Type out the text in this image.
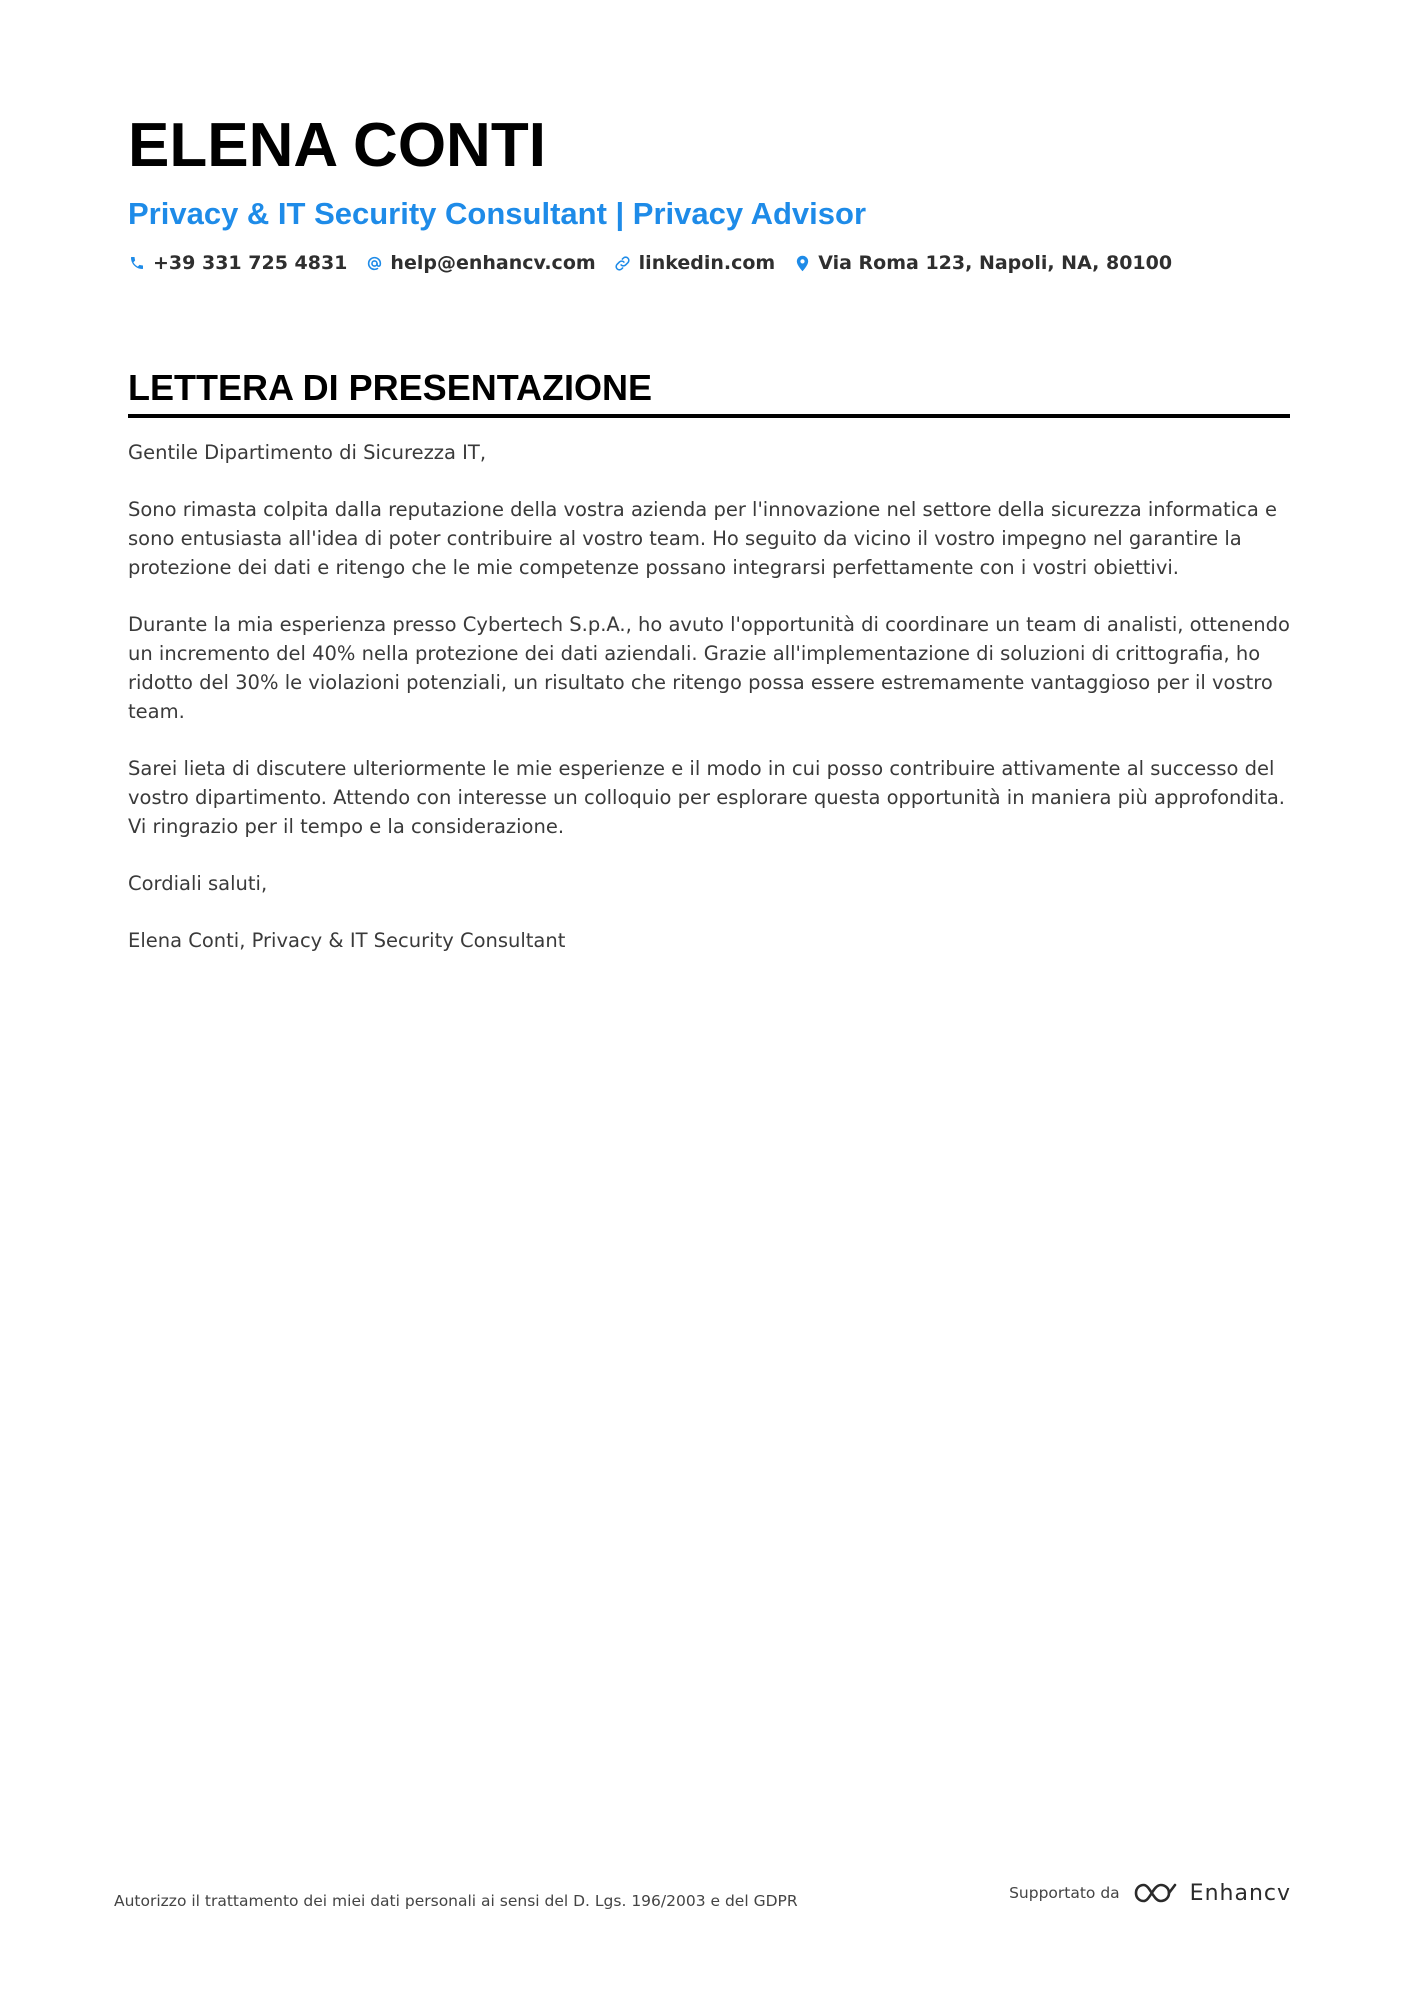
ELENA CONTI
Privacy & IT Security Consultant | Privacy Advisor
+39 331 725 4831 help@enhancv.com linkedin.com Via Roma 123, Napoli, NA, 80100
LETTERA DI PRESENTAZIONE

Gentile Dipartimento di Sicurezza IT,

Sono rimasta colpita dalla reputazione della vostra azienda per l'innovazione nel settore della sicurezza informatica e sono entusiasta all'idea di poter contribuire al vostro team. Ho seguito da vicino il vostro impegno nel garantire la protezione dei dati e ritengo che le mie competenze possano integrarsi perfettamente con i vostri obiettivi.

Durante la mia esperienza presso Cybertech S.p.A., ho avuto l'opportunità di coordinare un team di analisti, ottenendo un incremento del 40% nella protezione dei dati aziendali. Grazie all'implementazione di soluzioni di crittografia, ho ridotto del 30% le violazioni potenziali, un risultato che ritengo possa essere estremamente vantaggioso per il vostro team.

Sarei lieta di discutere ulteriormente le mie esperienze e il modo in cui posso contribuire attivamente al successo del vostro dipartimento. Attendo con interesse un colloquio per esplorare questa opportunità in maniera più approfondita. Vi ringrazio per il tempo e la considerazione.

Cordiali saluti,

Elena Conti, Privacy & IT Security Consultant

Autorizzo il trattamento dei miei dati personali ai sensi del D. Lgs. 196/2003 e del GDPR	Supportato da	Enhancv
